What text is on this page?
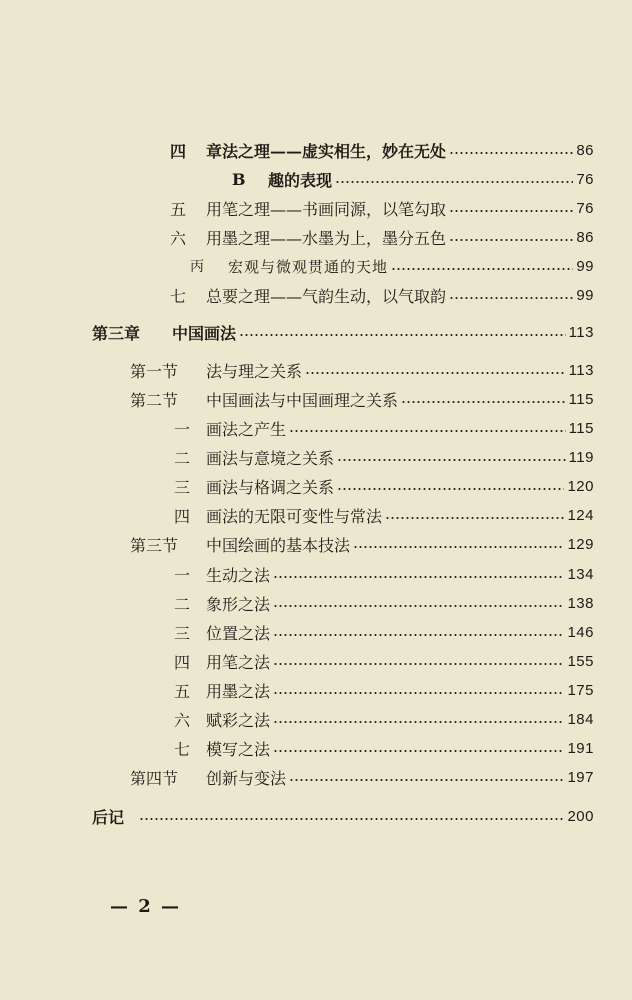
四	章法之理——虚实相生，妙在无处	86
B	趣的表现	76
五	用笔之理——书画同源，以笔勾取	76
六	用墨之理——水墨为上，墨分五色	86
丙	宏观与微观贯通的天地	99
七	总要之理——气韵生动，以气取韵	99
第三章	中国画法	113
第一节	法与理之关系	113
第二节	中国画法与中国画理之关系	115
一 画法之产生	115
二 画法与意境之关系	119
三 画法与格调之关系	120
四 画法的无限可变性与常法	124
第三节	中国绘画的基本技法	129
一 生动之法	134
二 象形之法	138
三 位置之法	146
四 用笔之法	155
五 用墨之法	175
六 赋彩之法	184
七 模写之法	191
第四节	创新与变法	197
后记	200
— 2 —
